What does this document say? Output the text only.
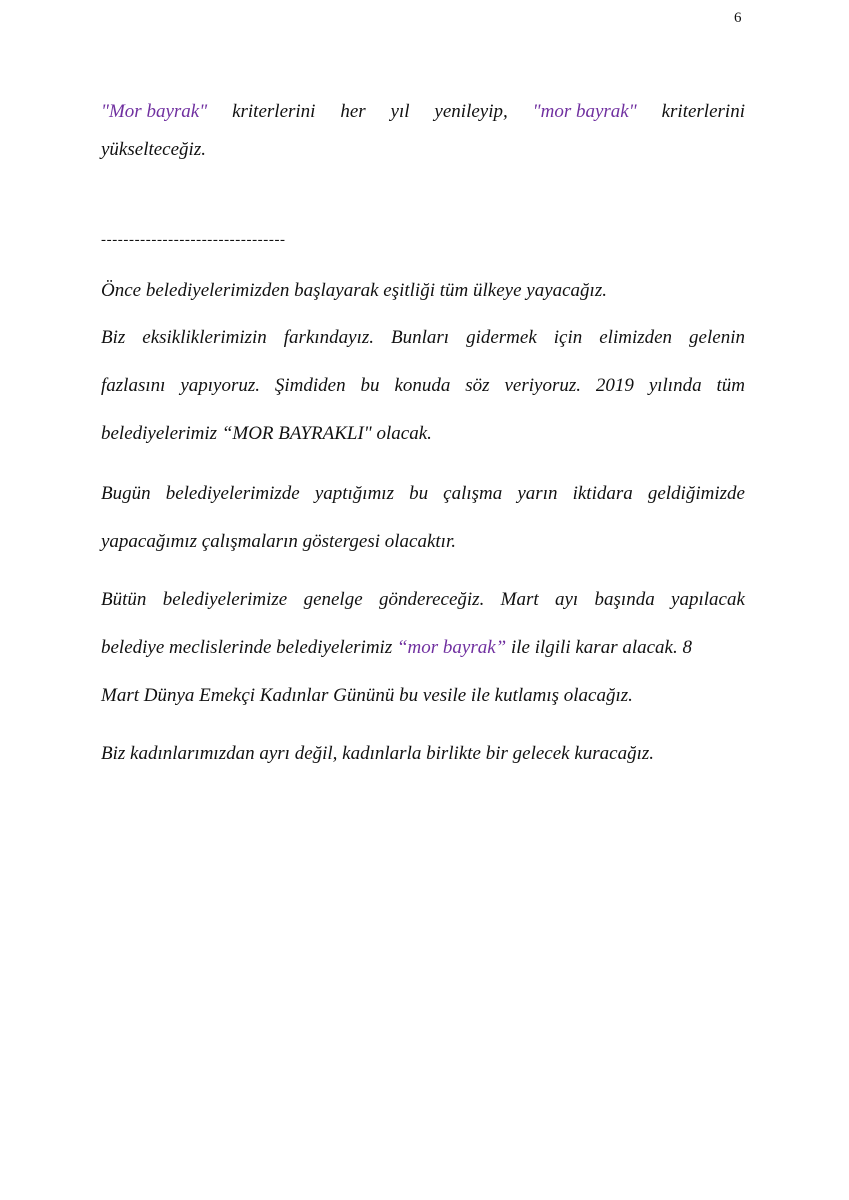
6
"Mor bayrak" kriterlerini her yıl yenileyip, "mor bayrak" kriterlerini
yükselteceğiz.
---------------------------------
Önce belediyelerimizden başlayarak eşitliği tüm ülkeye yayacağız.
Biz eksikliklerimizin farkındayız. Bunları gidermek için elimizden gelenin
fazlasını yapıyoruz. Şimdiden bu konuda söz veriyoruz. 2019 yılında tüm
belediyelerimiz “MOR BAYRAKLI" olacak.
Bugün belediyelerimizde yaptığımız bu çalışma yarın iktidara geldiğimizde
yapacağımız çalışmaların göstergesi olacaktır.
Bütün belediyelerimize genelge göndereceğiz. Mart ayı başında yapılacak
belediye meclislerinde belediyelerimiz “mor bayrak” ile ilgili karar alacak. 8
Mart Dünya Emekçi Kadınlar Gününü bu vesile ile kutlamış olacağız.
Biz kadınlarımızdan ayrı değil, kadınlarla birlikte bir gelecek kuracağız.
